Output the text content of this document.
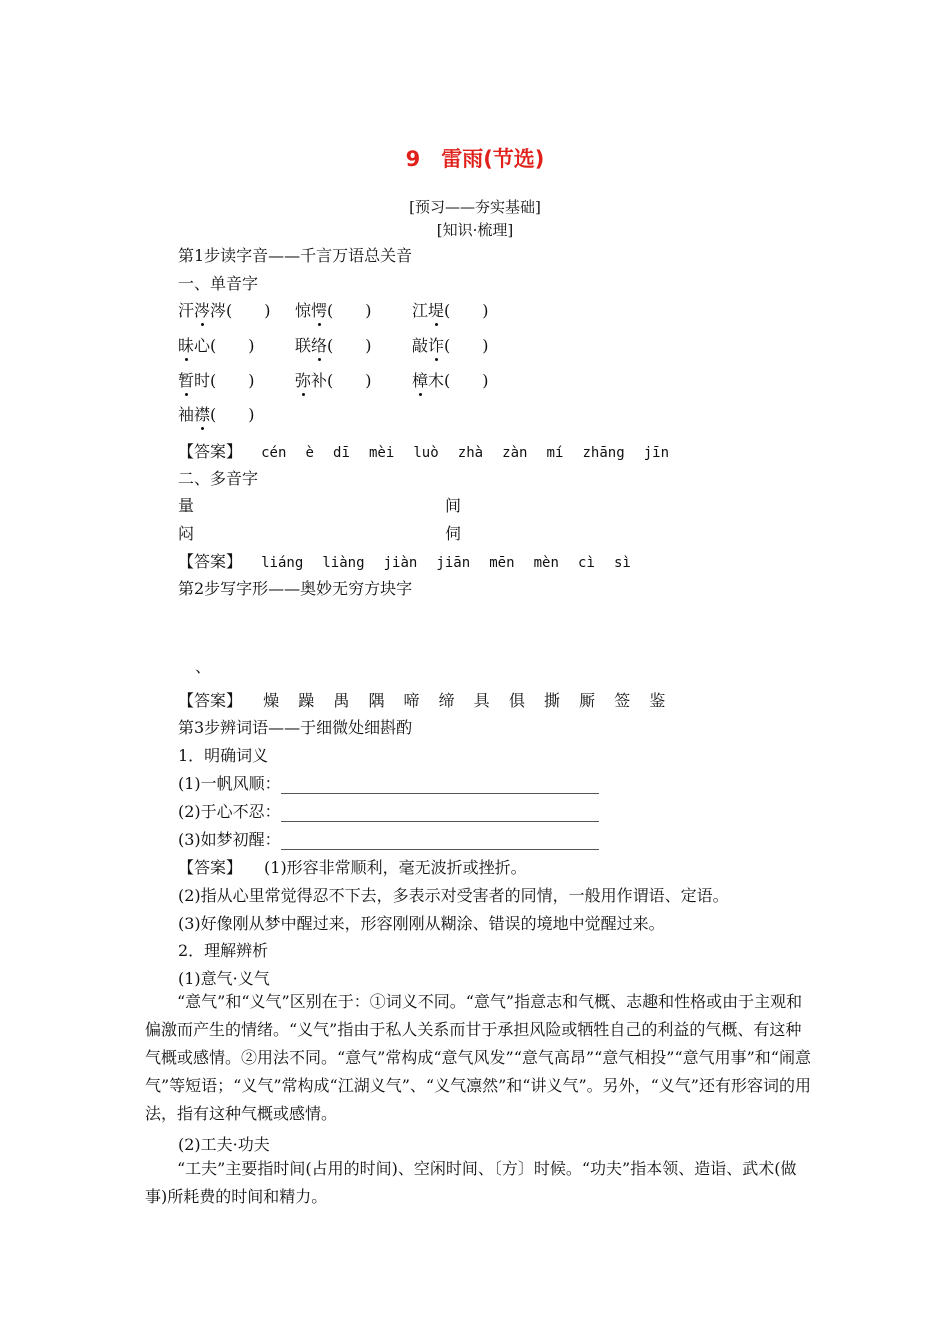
9　雷雨(节选)
[预习——夯实基础]
[知识·梳理]
第1步读字音——千言万语总关音
一、单音字
汗涔涔(　　) 惊愕(　　)	江堤(　　)
昧心(　　)	联络(　　)	敲诈(　　)
暂时(　　)	弥补(　　)	樟木(　　)
袖襟(　　)
【答案】 cén è dī mèi luò zhà zàn mí zhāng jīn
二、多音字
量	间
闷	伺
【答案】 liáng liàng jiàn jiān mēn mèn cì sì
第2步写字形——奥妙无穷方块字
、
【答案】 燥 躁 禺 隅 啼 缔 具 俱 撕 厮 签 鉴
第3步辨词语——于细微处细斟酌
1．明确词义
(1)一帆风顺：
(2)于心不忍：
(3)如梦初醒：
【答案】 (1)形容非常顺利，毫无波折或挫折。
(2)指从心里常觉得忍不下去，多表示对受害者的同情，一般用作谓语、定语。
(3)好像刚从梦中醒过来，形容刚刚从糊涂、错误的境地中觉醒过来。
2．理解辨析
(1)意气·义气
“意气”和“义气”区别在于：①词义不同。“意气”指意志和气概、志趣和性格或由于主观和偏激而产生的情绪。“义气”指由于私人关系而甘于承担风险或牺牲自己的利益的气概、有这种气概或感情。②用法不同。“意气”常构成“意气风发”“意气高昂”“意气相投”“意气用事”和“闹意气”等短语；“义气”常构成“江湖义气”、“义气凛然”和“讲义气”。另外，“义气”还有形容词的用法，指有这种气概或感情。
(2)工夫·功夫
“工夫”主要指时间(占用的时间)、空闲时间、〔方〕时候。“功夫”指本领、造诣、武术(做事)所耗费的时间和精力。
